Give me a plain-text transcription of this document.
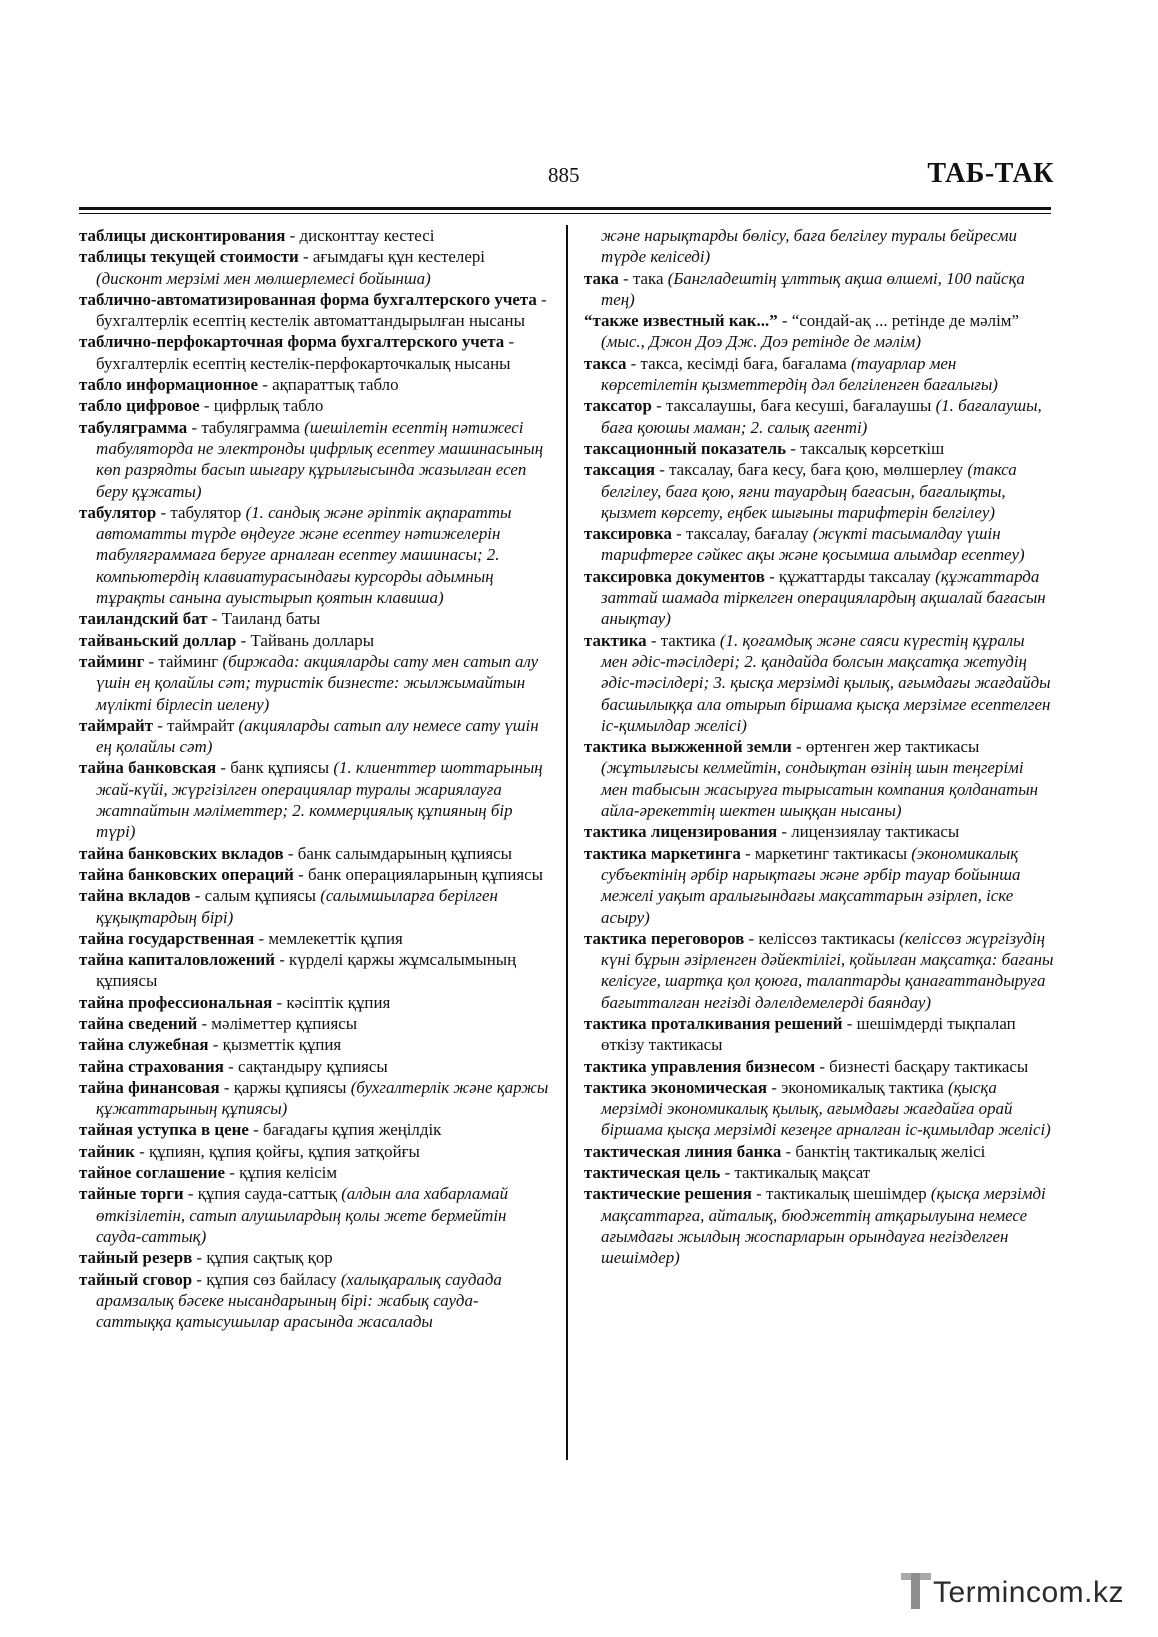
885	ТАБ-ТАК

таблицы дисконтирования - дисконттау кестесі

таблицы текущей стоимости - ағымдағы құн кестелері (дисконт мерзімі мен мөлшерлемесі бойынша)

таблично-автоматизированная форма бухгалтерского учета - бухгалтерлік есептің кестелік автоматтандырылған нысаны

таблично-перфокарточная форма бухгалтерского учета - бухгалтерлік есептің кестелік-перфокарточкалық нысаны

табло информационное - ақпараттық табло

табло цифровое - цифрлық табло

табуляграмма - табуляграмма (шешілетін есептің нәтижесі табуляторда не электронды цифрлық есептеу машинасының көп разрядты басып шығару құрылғысында жазылған есеп беру құжаты)

табулятор - табулятор (1. сандық және әріптік ақпаратты автоматты түрде өңдеуге және есептеу нәтижелерін табуляграммаға беруге арналған есептеу машинасы; 2. компьютердің клавиатурасындағы курсорды адымның тұрақты санына ауыстырып қоятын клавиша)

таиландский бат - Таиланд баты

тайваньский доллар - Тайвань доллары

тайминг - тайминг (биржада: акцияларды сату мен сатып алу үшін ең қолайлы сәт; туристік бизнесте: жылжымайтын мүлікті бірлесіп иелену)

таймрайт - таймрайт (акцияларды сатып алу немесе сату үшін ең қолайлы сәт)

тайна банковская - банк құпиясы (1. клиенттер шоттарының жай-күйі, жүргізілген операциялар туралы жариялауға жатпайтын мәліметтер; 2. коммерциялық құпияның бір түрі)

тайна банковских вкладов - банк салымдарының құпиясы

тайна банковских операций - банк операцияларының құпиясы

тайна вкладов - салым құпиясы (салымшыларға берілген құқықтардың бірі)

тайна государственная - мемлекеттік құпия

тайна капиталовложений - күрделі қаржы жұмсалымының құпиясы

тайна профессиональная - кәсіптік құпия

тайна сведений - мәліметтер құпиясы

тайна служебная - қызметтік құпия

тайна страхования - сақтандыру құпиясы

тайна финансовая - қаржы құпиясы (бухгалтерлік және қаржы құжаттарының құпиясы)

тайная уступка в цене - бағадағы құпия жеңілдік

тайник - құпиян, құпия қойғы, құпия затқойғы

тайное соглашение - құпия келісім

тайные торги - құпия сауда-саттық (алдын ала хабарламай өткізілетін, сатып алушылардың қолы жете бермейтін сауда-саттық)

тайный резерв - құпия сақтық қор

тайный сговор - құпия сөз байласу (халықаралық саудада арамзалық бәсеке нысандарының бірі: жабық сауда-саттыққа қатысушылар арасында жасалады

және нарықтарды бөлісу, баға белгілеу туралы бейресми түрде келіседі)

така - така (Бангладештің ұлттық ақша өлшемі, 100 пайсқа тең)

“также известный как...” - “сондай-ақ ... ретінде де мәлім” (мыс., Джон Доэ Дж. Доэ ретінде де мәлім)

такса - такса, кесімді баға, бағалама (тауарлар мен көрсетілетін қызметтердің дәл белгіленген бағалығы)

таксатор - таксалаушы, баға кесуші, бағалаушы (1. бағалаушы, баға қоюшы маман; 2. салық агенті)

таксационный показатель - таксалық көрсеткіш

таксация - таксалау, баға кесу, баға қою, мөлшерлеу (такса белгілеу, баға қою, яғни тауардың бағасын, бағалықты, қызмет көрсету, еңбек шығыны тарифтерін белгілеу)

таксировка - таксалау, бағалау (жүкті тасымалдау үшін тарифтерге сәйкес ақы және қосымша алымдар есептеу)

таксировка документов - құжаттарды таксалау (құжаттарда заттай шамада тіркелген операциялардың ақшалай бағасын анықтау)

тактика - тактика (1. қоғамдық және саяси күрестің құралы мен әдіс-тәсілдері; 2. қандайда болсын мақсатқа жетудің әдіс-тәсілдері; 3. қысқа мерзімді қылық, ағымдағы жағдайды басшылыққа ала отырып біршама қысқа мерзімге есептелген іс-қимылдар желісі)

тактика выжженной земли - өртенген жер тактикасы (жұтылғысы келмейтін, сондықтан өзінің шын теңгерімі мен табысын жасыруға тырысатын компания қолданатын айла-әрекеттің шектен шыққан нысаны)

тактика лицензирования - лицензиялау тактикасы

тактика маркетинга - маркетинг тактикасы (экономикалық субъектінің әрбір нарықтағы және әрбір тауар бойынша межелі уақыт аралығындағы мақсаттарын әзірлеп, іске асыру)

тактика переговоров - келіссөз тактикасы (келіссөз жүргізудің күні бұрын әзірленген дәйектілігі, қойылған мақсатқа: бағаны келісуге, шартқа қол қоюға, талаптарды қанағаттандыруға бағытталған негізді дәлелдемелерді баяндау)

тактика проталкивания решений - шешімдерді тықпалап өткізу тактикасы

тактика управления бизнесом - бизнесті басқару тактикасы

тактика экономическая - экономикалық тактика (қысқа мерзімді экономикалық қылық, ағымдағы жағдайға орай біршама қысқа мерзімді кезеңге арналған іс-қимылдар желісі)

тактическая линия банка - банктің тактикалық желісі

тактическая цель - тактикалық мақсат

тактические решения - тактикалық шешімдер (қысқа мерзімді мақсаттарға, айталық, бюджеттің атқарылуына немесе ағымдағы жылдың жоспарларын орындауға негізделген шешімдер)

Termincom.kz
